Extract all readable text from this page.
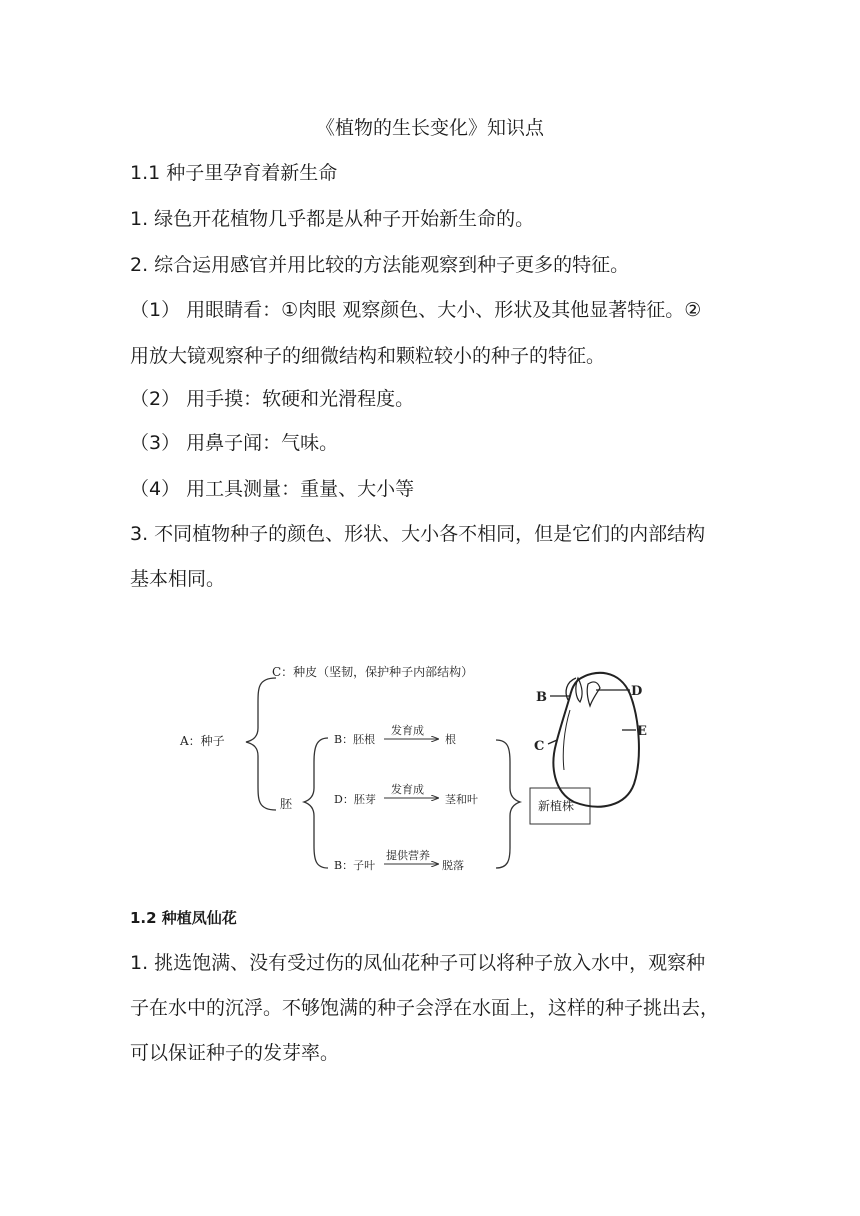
《植物的生长变化》知识点
1.1 种子里孕育着新生命
1. 绿色开花植物几乎都是从种子开始新生命的。
2. 综合运用感官并用比较的方法能观察到种子更多的特征。
（1） 用眼睛看：①肉眼 观察颜色、大小、形状及其他显著特征。②
用放大镜观察种子的细微结构和颗粒较小的种子的特征。
（2） 用手摸：软硬和光滑程度。
（3） 用鼻子闻：气味。
（4） 用工具测量：重量、大小等
3. 不同植物种子的颜色、形状、大小各不相同，但是它们的内部结构
基本相同。
A：种子
C：种皮（坚韧，保护种子内部结构）
胚
B：胚根
发育成
根
D：胚芽
发育成
茎和叶
B：子叶
提供营养
脱落
新植株
B
C
D
E
1.2 种植凤仙花
1. 挑选饱满、没有受过伤的凤仙花种子可以将种子放入水中，观察种
子在水中的沉浮。不够饱满的种子会浮在水面上，这样的种子挑出去，
可以保证种子的发芽率。
